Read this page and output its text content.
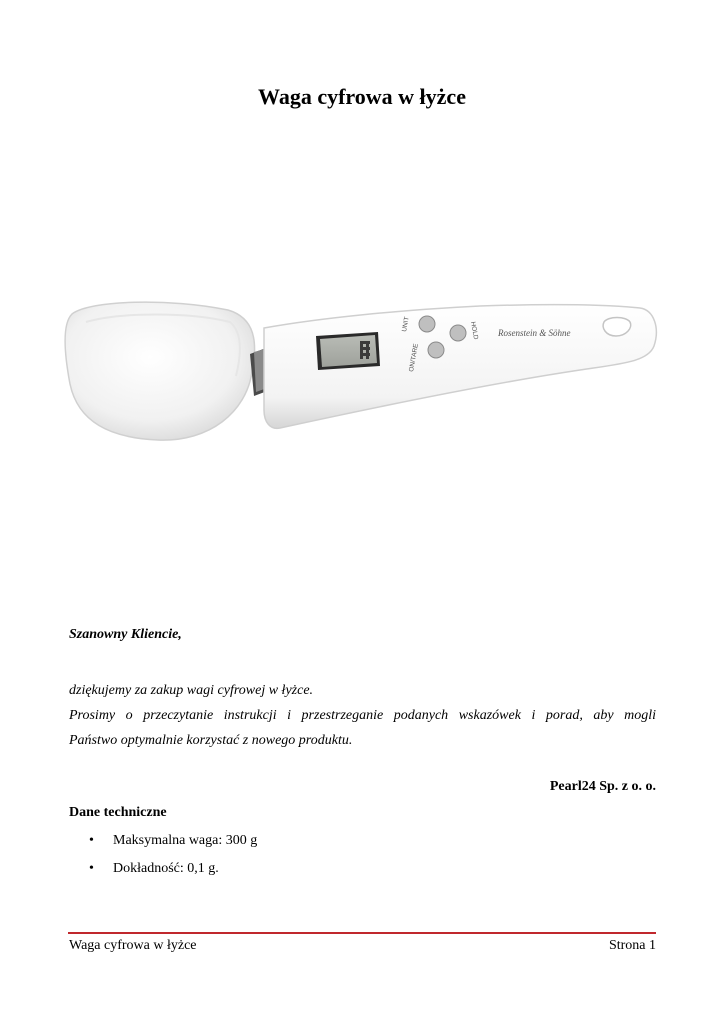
Waga cyfrowa w łyżce
UNIT
ON/TARE
HOLD Rosenstein & Söhne
Szanowny Kliencie,

dziękujemy za zakup wagi cyfrowej w łyżce.

Prosimy o przeczytanie instrukcji i przestrzeganie podanych wskazówek i porad, aby mogli

Państwo optymalnie korzystać z nowego produktu.

Pearl24 Sp. z o. o.
Dane techniczne
• Maksymalna waga: 300 g
• Dokładność: 0,1 g.
Waga cyfrowa w łyżce	Strona 1
